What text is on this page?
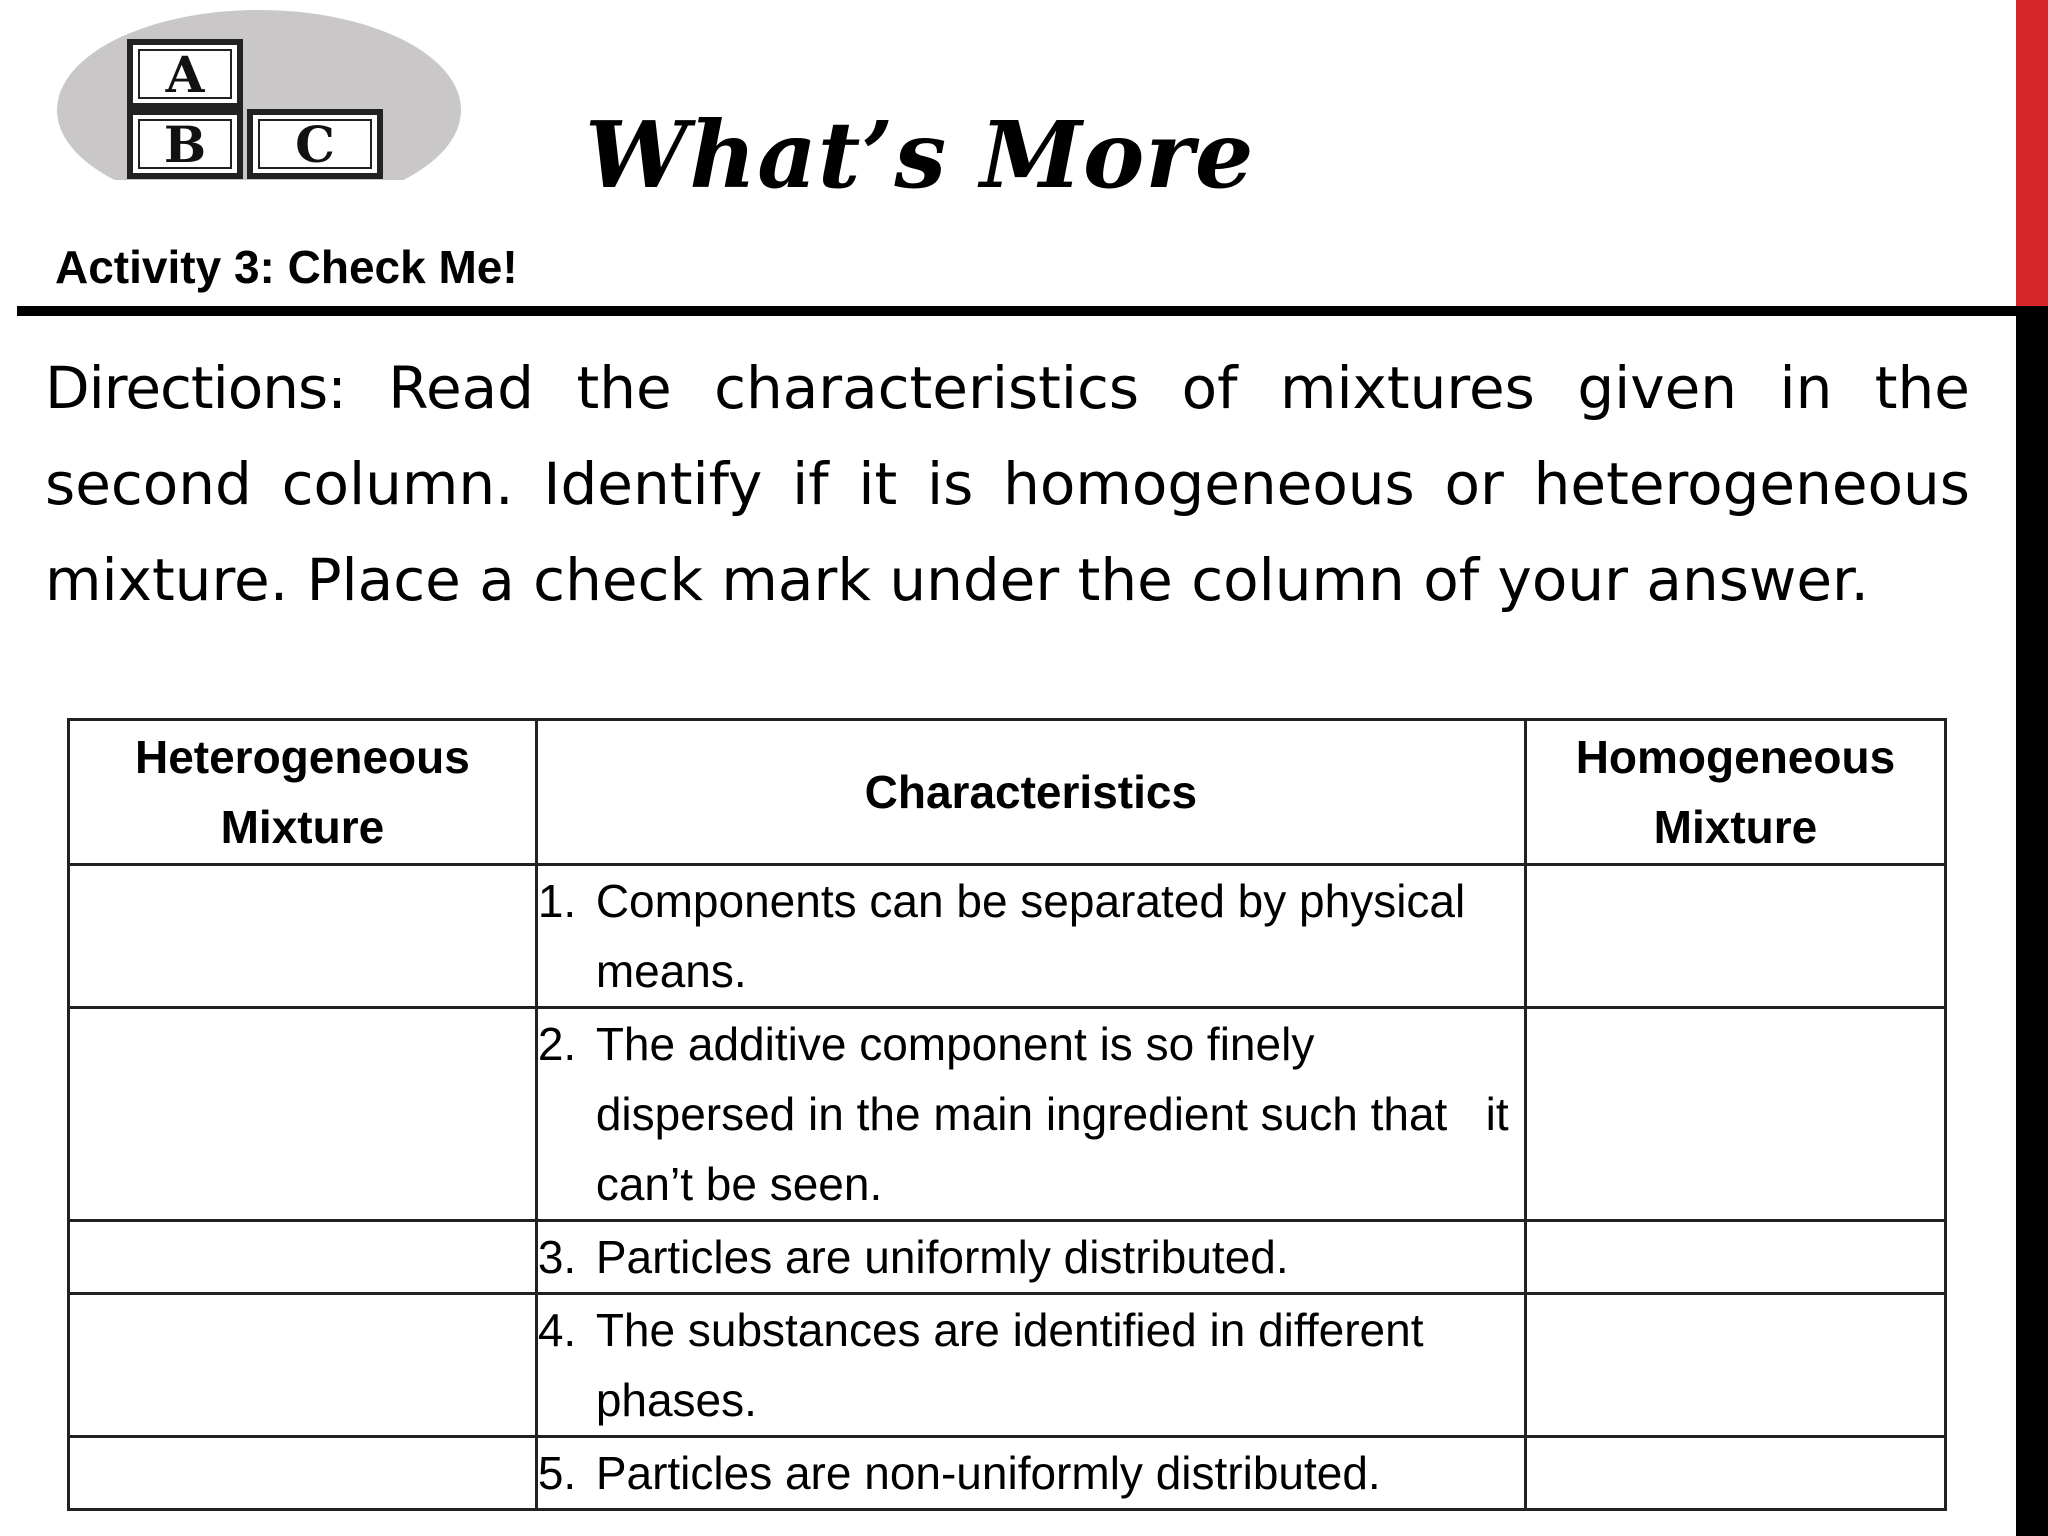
A
B C	What’s More
Activity 3: Check Me!
Directions: Read the characteristics of mixtures given in the second column. Identify if it is homogeneous or heterogeneous mixture. Place a check mark under the column of your answer.
Heterogeneous Mixture	Characteristics	Homogeneous Mixture

	1. Components can be separated by physical means.	

	2. The additive component is so finely dispersed in the main ingredient such that   it can’t be seen.	

	3. Particles are uniformly distributed.	

	4. The substances are identified in different phases.	

	5. Particles are non-uniformly distributed.	
